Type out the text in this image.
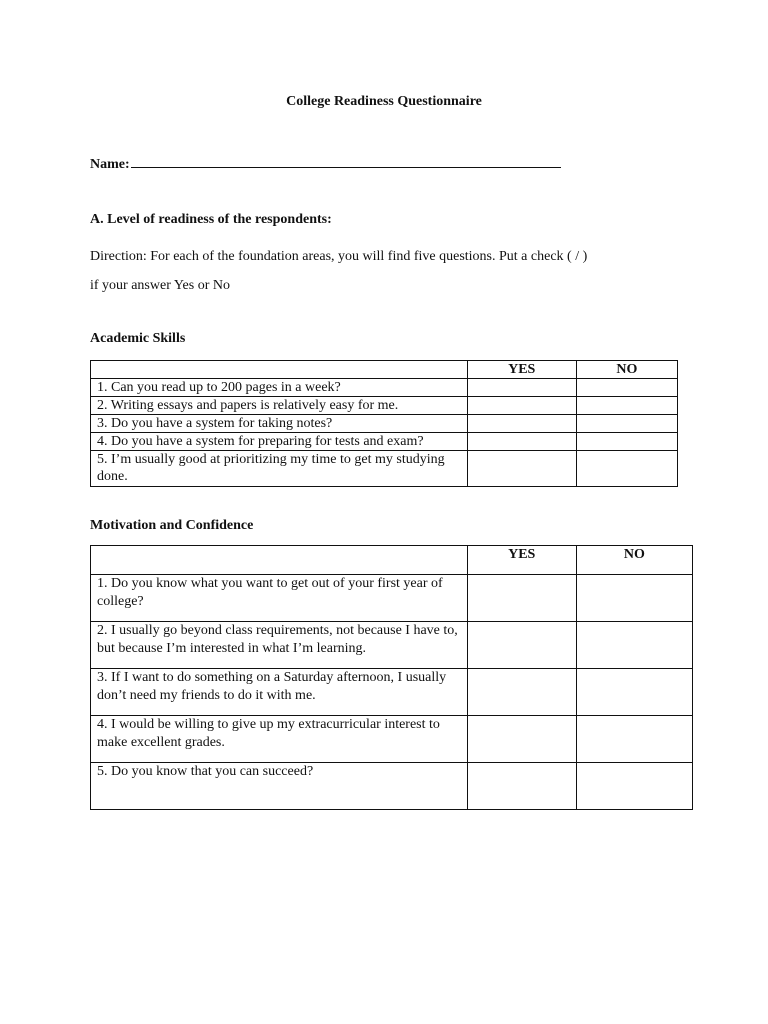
College Readiness Questionnaire
Name:
A. Level of readiness of the respondents:
Direction: For each of the foundation areas, you will find five questions. Put a check ( / )
if your answer Yes or No
Academic Skills
	YES	NO
1. Can you read up to 200 pages in a week?		
2. Writing essays and papers is relatively easy for me.		
3. Do you have a system for taking notes?		
4. Do you have a system for preparing for tests and exam?		
5. I’m usually good at prioritizing my time to get my studying done.		
Motivation and Confidence
	YES	NO
1. Do you know what you want to get out of your first year of college?		
2. I usually go beyond class requirements, not because I have to, but because I’m interested in what I’m learning.		
3. If I want to do something on a Saturday afternoon, I usually don’t need my friends to do it with me.		
4. I would be willing to give up my extracurricular interest to make excellent grades.		
5. Do you know that you can succeed?		
